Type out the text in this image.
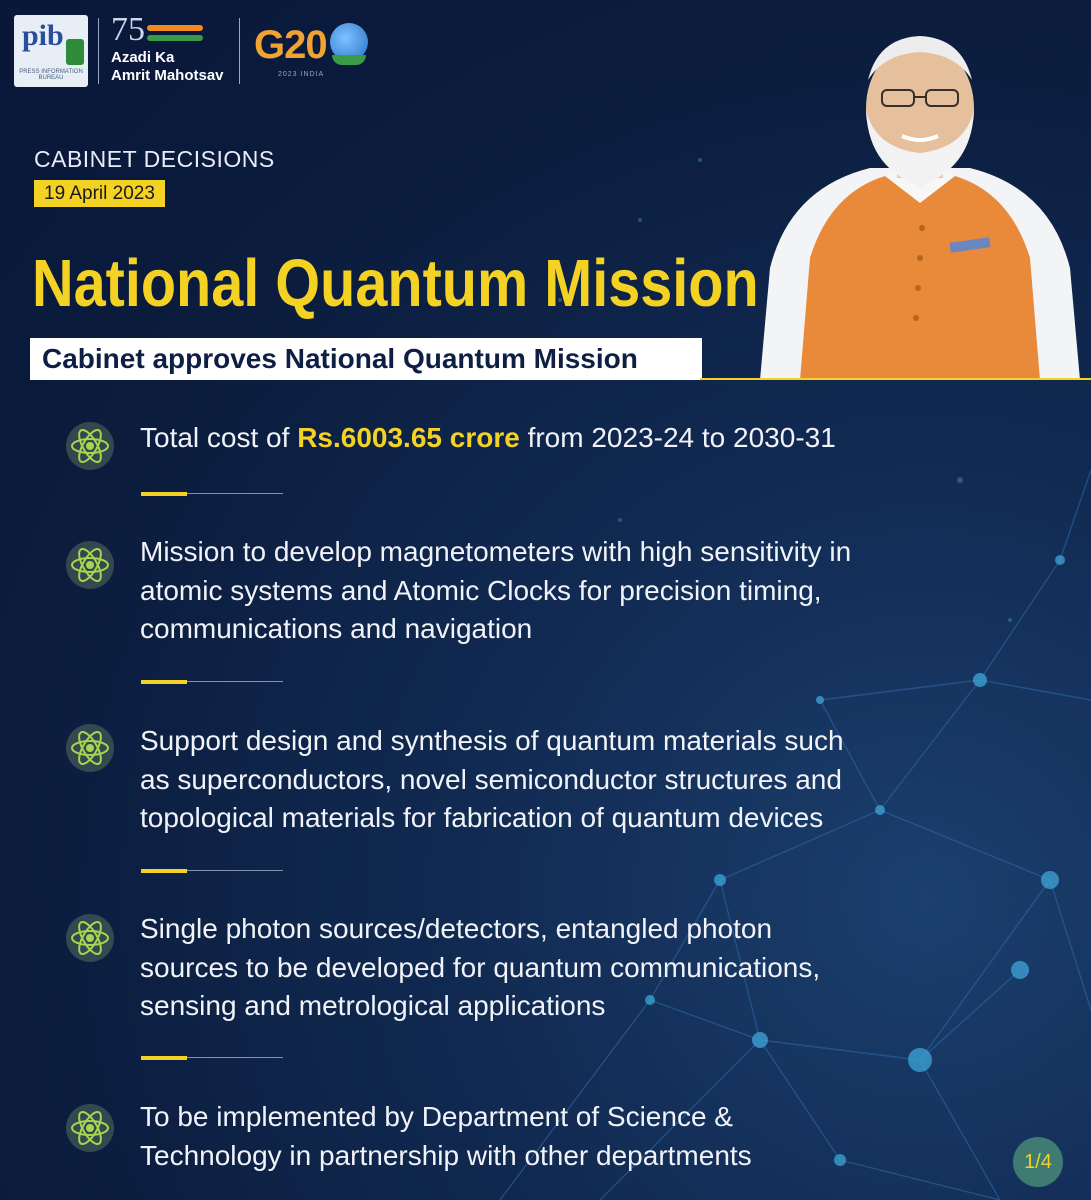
pib
PRESS INFORMATION BUREAU
75
Azadi Ka
Amrit Mahotsav
G20
2023 INDIA
CABINET DECISIONS
19 April 2023
National Quantum Mission
Cabinet approves National Quantum Mission
Total cost of Rs.6003.65 crore from 2023-24 to 2030-31
Mission to develop magnetometers with high sensitivity in
atomic systems and Atomic Clocks for precision timing,
communications and navigation
Support design and synthesis of quantum materials such
as superconductors, novel semiconductor structures and
topological materials for fabrication of quantum devices
Single photon sources/detectors, entangled photon
sources to be developed for quantum communications,
sensing and metrological applications
To be implemented by Department of Science &
Technology in partnership with other departments	1/4
